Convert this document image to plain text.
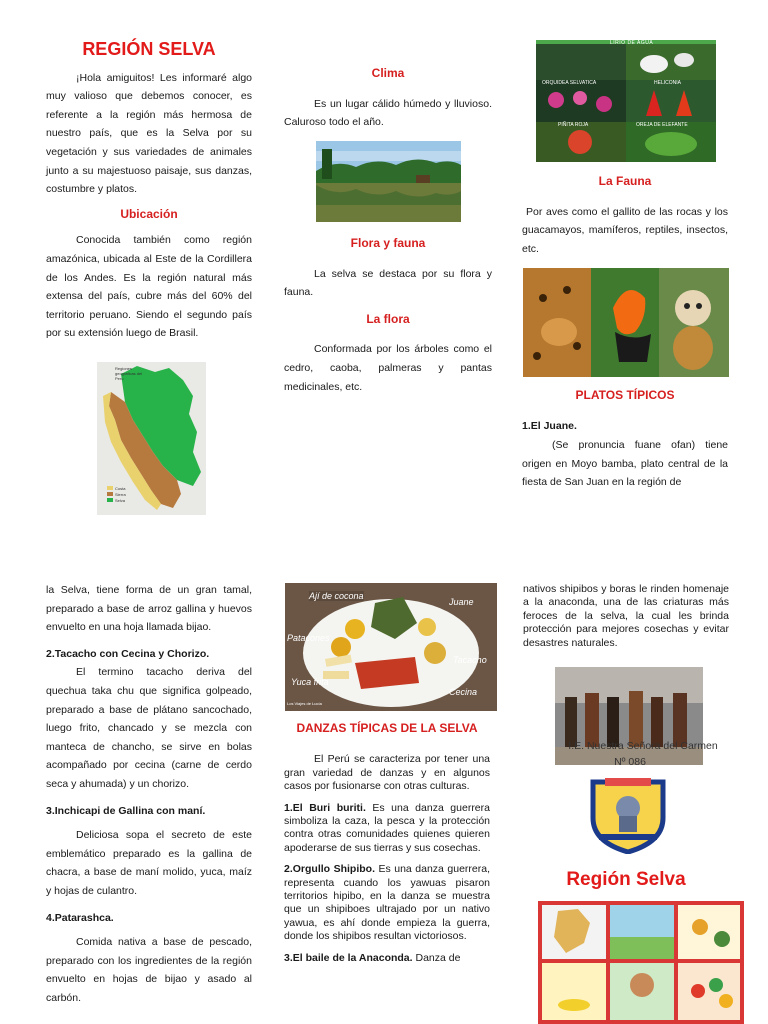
REGIÓN SELVA

¡Hola amiguitos! Les informaré algo muy valioso que debemos conocer, es referente a la región más hermosa de nuestro país, que es la Selva por su vegetación y sus variedades de animales junto a su majestuoso paisaje, sus danzas, costumbre y platos.

Ubicación

Conocida también como región amazónica, ubicada al Este de la Cordillera de los Andes. Es la región natural más extensa del país, cubre más del 60% del territorio peruano. Siendo el segundo país por su extensión luego de Brasil.

Regiones geográficas del Perú
Costa
Sierra
Selva

Clima

Es un lugar cálido húmedo y lluvioso. Caluroso todo el año.

Flora y fauna

La selva se destaca por su flora y fauna.

La flora

Conformada por los árboles como el cedro, caoba, palmeras y pantas medicinales, etc.

LIRIO DE AGUA
ORQUIDEA SELVATICA	HELICONIA
PIÑITA ROJA	OREJA DE ELEFANTE

La Fauna

Por aves como el gallito de las rocas y los guacamayos, mamíferos, reptiles, insectos, etc.

PLATOS TÍPICOS

1.El Juane.

(Se pronuncia fuane ofan) tiene origen en Moyo bamba, plato central de la fiesta de San Juan en la región de

la Selva, tiene forma de un gran tamal, preparado a base de arroz gallina y huevos envuelto en una hoja llamada bijao.

2.Tacacho con Cecina y Chorizo.

El termino tacacho deriva del quechua taka chu que significa golpeado, preparado a base de plátano sancochado, luego frito, chancado y se mezcla con manteca de chancho, se sirve en bolas acompañado por cecina (carne de cerdo seca y ahumada) y un chorizo.

3.Inchicapi de Gallina con maní.

Deliciosa sopa el secreto de este emblemático preparado es la gallina de chacra, a base de maní molido, yuca, maíz y hojas de culantro.

4.Patarashca.

Comida nativa a base de pescado, preparado con los ingredientes de la región envuelto en hojas de bijao y asado al carbón.

Ají de cocona
Juane
Patacones
Tacacho
Yuca frita
Cecina
Los Viajes de Lucía

DANZAS TÍPICAS DE LA SELVA

El Perú se caracteriza por tener una gran variedad de danzas y en algunos casos por fusionarse con otras culturas.

1.El Buri buriti. Es una danza guerrera simboliza la caza, la pesca y la protección contra otras comunidades quienes quieren apoderarse de sus tierras y sus cosechas.

2.Orgullo Shipibo. Es una danza guerrera, representa cuando los yawuas pisaron territorios hipibo, en la danza se muestra que un shipiboes ultrajado por un nativo yawua, es ahí donde empieza la guerra, donde los shipibos resultan victoriosos.

3.El baile de la Anaconda. Danza de

nativos shipibos y boras le rinden homenaje a la anaconda, una de las criaturas más feroces de la selva, la cual les brinda protección para mejores cosechas y evitar desastres naturales.

I.E. Nuestra Señora del Carmen
Nº 086
Región Selva
